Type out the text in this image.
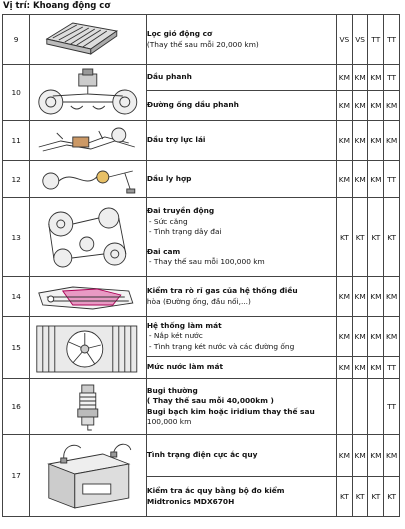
Vị trí: Khoang động cơ
9		Lọc gió động cơ
(Thay thế sau mỗi 20,000 km)	VS	VS	TT	TT
10		Dầu phanh	KM	KM	KM	TT
		Đường ống dầu phanh	KM	KM	KM	KM
11		Dầu trợ lực lái	KM	KM	KM	KM
12		Dầu ly hợp	KM	KM	KM	TT
13		Đai truyền động
- Sức căng
- Tình trạng dây đai
Đai cam
- Thay thế sau mỗi 100,000 km	KT	KT	KT	KT
14		Kiểm tra rò rỉ gas của hệ thống điều
hòa (Đường ống, đầu nối,...)	KM	KM	KM	KM
15		Hệ thống làm mát
- Nắp két nước
- Tình trạng két nước và các đường ống	KM	KM	KM	KM
		Mức nước làm mát	KM	KM	KM	TT
16		Bugi thường
( Thay thế sau mỗi 40,000km )
Bugi bạch kim hoặc iridium thay thế sau
100,000 km				TT
17		Tình trạng điện cực ắc quy	KM	KM	KM	KM

		Kiểm tra ắc quy bằng bộ đo kiểm
Midtronics MDX670H	KT	KT	KT	KT
